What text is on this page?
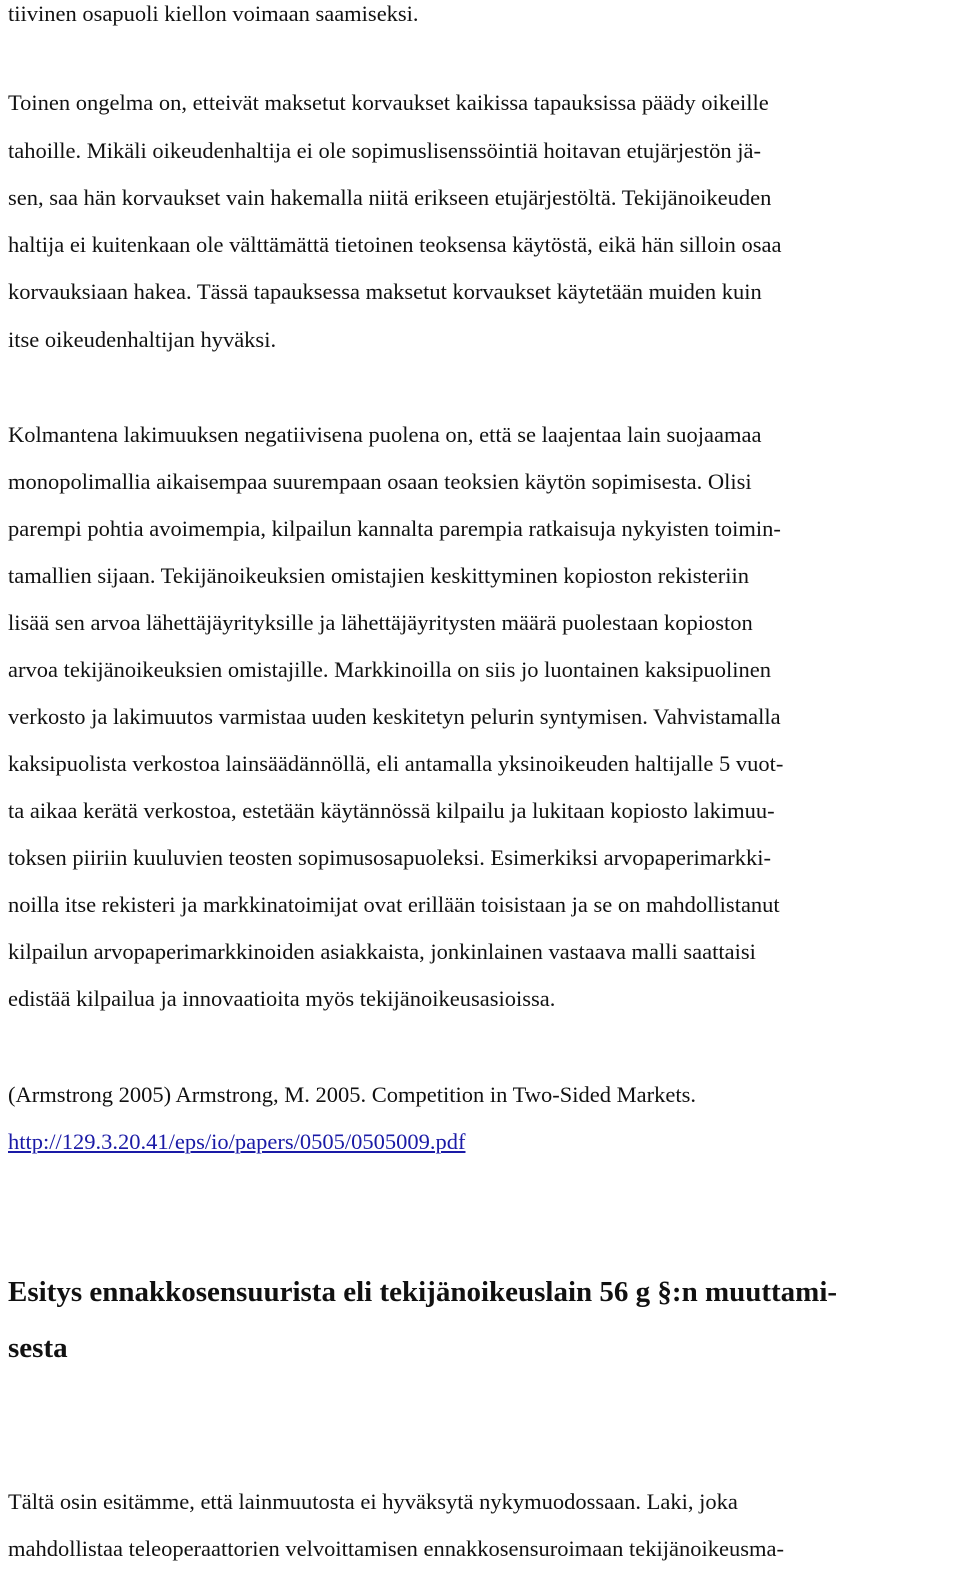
tiivinen osapuoli kiellon voimaan saamiseksi.
Toinen ongelma on, etteivät maksetut korvaukset kaikissa tapauksissa päädy oikeille
tahoille. Mikäli oikeudenhaltija ei ole sopimuslisenssöintiä hoitavan etujärjestön jä-
sen, saa hän korvaukset vain hakemalla niitä erikseen etujärjestöltä. Tekijänoikeuden
haltija ei kuitenkaan ole välttämättä tietoinen teoksensa käytöstä, eikä hän silloin osaa
korvauksiaan hakea. Tässä tapauksessa maksetut korvaukset käytetään muiden kuin
itse oikeudenhaltijan hyväksi.
Kolmantena lakimuuksen negatiivisena puolena on, että se laajentaa lain suojaamaa
monopolimallia aikaisempaa suurempaan osaan teoksien käytön sopimisesta. Olisi
parempi pohtia avoimempia, kilpailun kannalta parempia ratkaisuja nykyisten toimin-
tamallien sijaan. Tekijänoikeuksien omistajien keskittyminen kopioston rekisteriin
lisää sen arvoa lähettäjäyrityksille ja lähettäjäyritysten määrä puolestaan kopioston
arvoa tekijänoikeuksien omistajille. Markkinoilla on siis jo luontainen kaksipuolinen
verkosto ja lakimuutos varmistaa uuden keskitetyn pelurin syntymisen. Vahvistamalla
kaksipuolista verkostoa lainsäädännöllä, eli antamalla yksinoikeuden haltijalle 5 vuot-
ta aikaa kerätä verkostoa, estetään käytännössä kilpailu ja lukitaan kopiosto lakimuu-
toksen piiriin kuuluvien teosten sopimusosapuoleksi. Esimerkiksi arvopaperimarkki-
noilla itse rekisteri ja markkinatoimijat ovat erillään toisistaan ja se on mahdollistanut
kilpailun arvopaperimarkkinoiden asiakkaista, jonkinlainen vastaava malli saattaisi
edistää kilpailua ja innovaatioita myös tekijänoikeusasioissa.
(Armstrong 2005) Armstrong, M. 2005. Competition in Two-Sided Markets.
http://129.3.20.41/eps/io/papers/0505/0505009.pdf
Esitys ennakkosensuurista eli tekijänoikeuslain 56 g §:n muuttami-
sesta
Tältä osin esitämme, että lainmuutosta ei hyväksytä nykymuodossaan. Laki, joka
mahdollistaa teleoperaattorien velvoittamisen ennakkosensuroimaan tekijänoikeusma-
